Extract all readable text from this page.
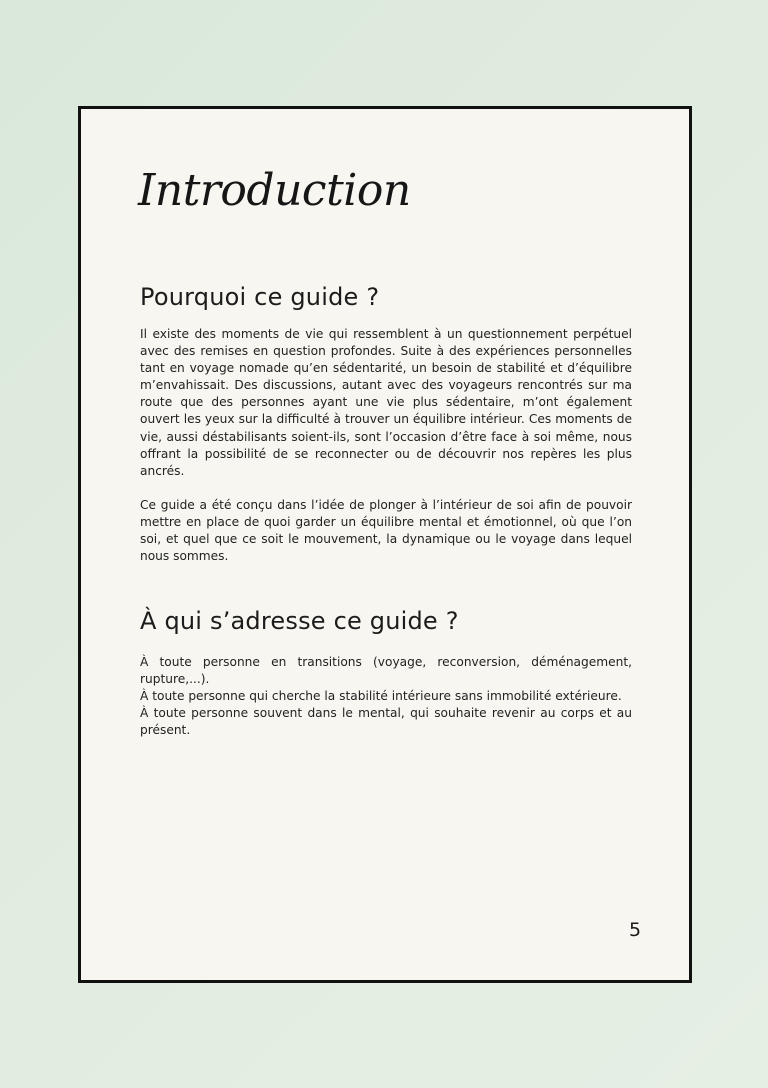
Introduction
Pourquoi ce guide ?

Il existe des moments de vie qui ressemblent à un questionnement perpétuel avec des remises en question profondes. Suite à des expériences personnelles tant en voyage nomade qu’en sédentarité, un besoin de stabilité et d’équilibre m’envahissait. Des discussions, autant avec des voyageurs rencontrés sur ma route que des personnes ayant une vie plus sédentaire, m’ont également ouvert les yeux sur la difficulté à trouver un équilibre intérieur. Ces moments de vie, aussi déstabilisants soient-ils, sont l’occasion d’être face à soi même, nous offrant la possibilité de se reconnecter ou de découvrir nos repères les plus ancrés.

Ce guide a été conçu dans l’idée de plonger à l’intérieur de soi afin de pouvoir mettre en place de quoi garder un équilibre mental et émotionnel, où que l’on soi, et quel que ce soit le mouvement, la dynamique ou le voyage dans lequel nous sommes.

À qui s’adresse ce guide ?
À toute personne en transitions (voyage, reconversion, déménagement, rupture,...).
À toute personne qui cherche la stabilité intérieure sans immobilité extérieure.
À toute personne souvent dans le mental, qui souhaite revenir au corps et au présent.
5
